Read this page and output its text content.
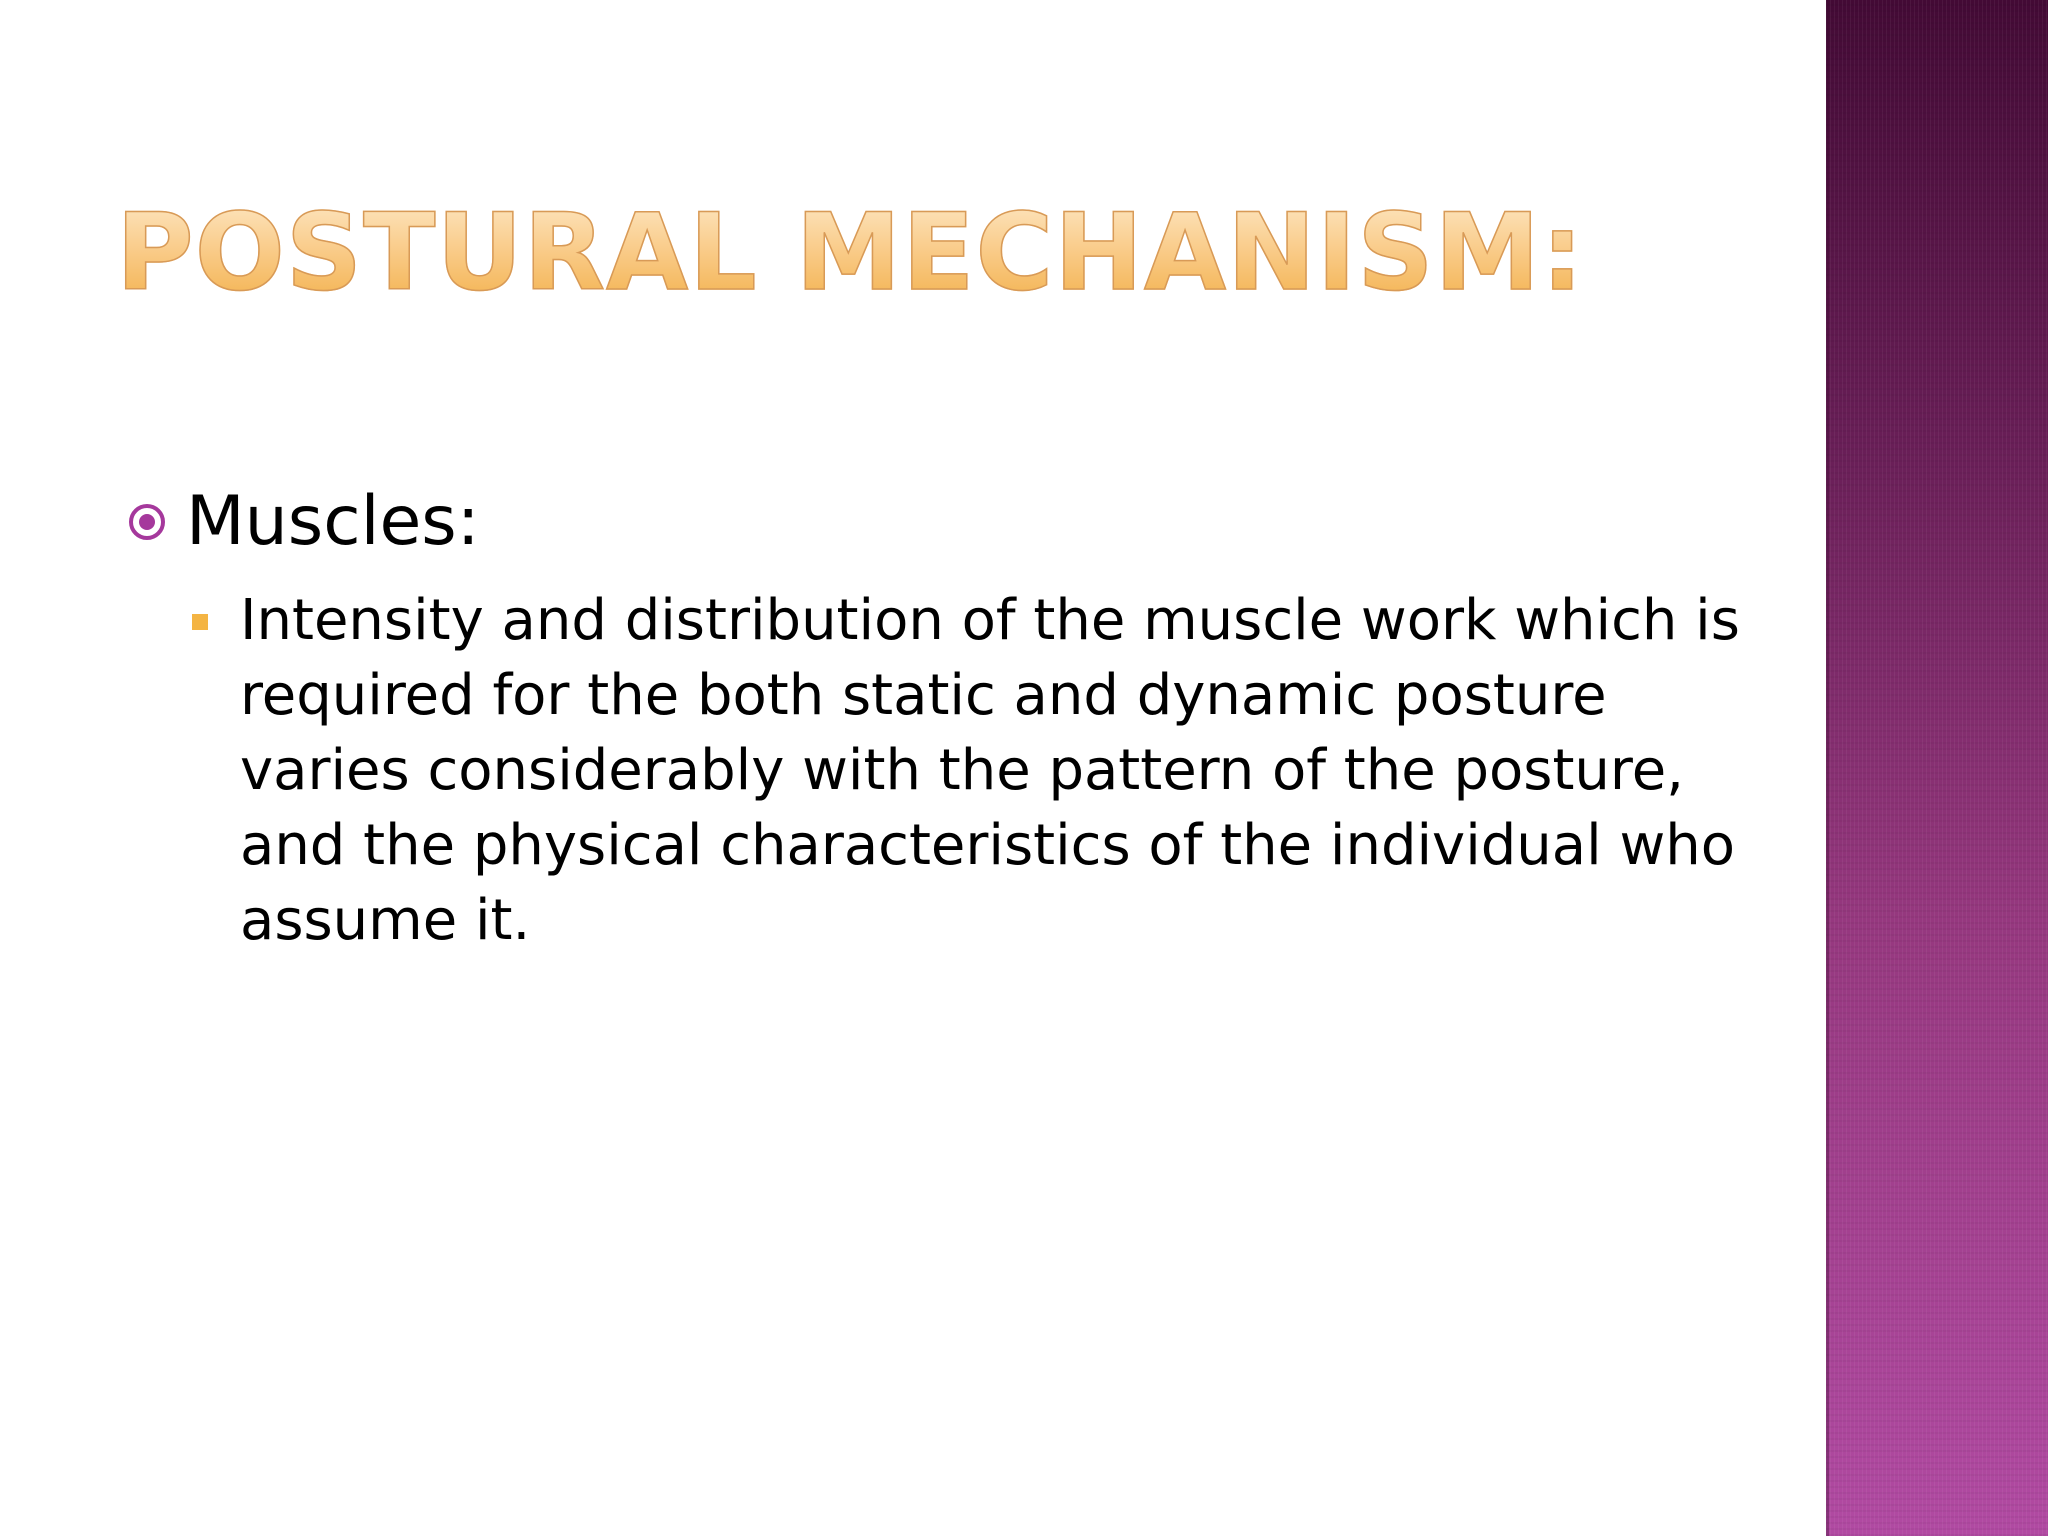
POSTURAL MECHANISM:
Muscles:

Intensity and distribution of the muscle work which is required for the both static and dynamic posture varies considerably with the pattern of the posture, and the physical characteristics of the individual who assume it.
